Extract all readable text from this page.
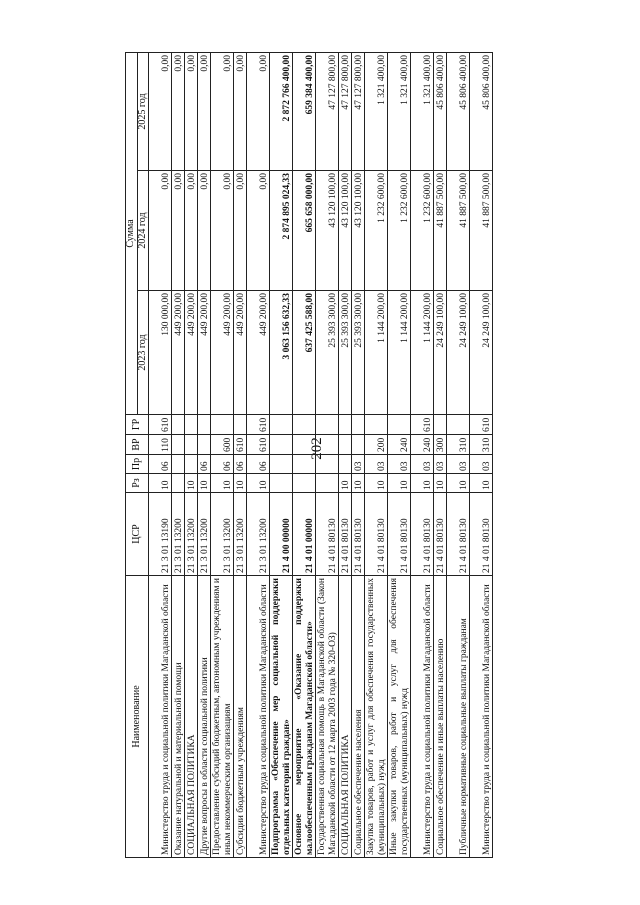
202
Наименование	ЦСР	Рз	Пр	ВР	ГР	Сумма		
						2023 год	2024 год	2025 год
Министерство труда и социальной политики Магаданской области	21 3 01 13190	10	06	110	610	130 000,00	0,00	0,00
Оказание натуральной и материальной помощи	21 3 01 13200					449 200,00	0,00	0,00
СОЦИАЛЬНАЯ ПОЛИТИКА	21 3 01 13200	10				449 200,00	0,00	0,00
Другие вопросы в области социальной политики	21 3 01 13200	10	06			449 200,00	0,00	0,00
Предоставление субсидий бюджетным, автономным учреждениям и иным некоммерческим организациям	21 3 01 13200	10	06	600		449 200,00	0,00	0,00
Субсидии бюджетным учреждениям	21 3 01 13200	10	06	610		449 200,00	0,00	0,00
Министерство труда и социальной политики Магаданской области	21 3 01 13200	10	06	610	610	449 200,00	0,00	0,00
Подпрограмма «Обеспечение мер социальной поддержки отдельных категорий граждан»	21 4 00 00000					3 063 156 632,33	2 874 895 024,33	2 872 766 400,00
Основное мероприятие «Оказание поддержки малообеспеченным гражданам Магаданской области»	21 4 01 00000					637 425 588,00	665 658 000,00	659 384 400,00
Государственная социальная помощь в Магаданской области (Закон Магаданской области от 12 марта 2003 года № 320-ОЗ)	21 4 01 80130					25 393 300,00	43 120 100,00	47 127 800,00
СОЦИАЛЬНАЯ ПОЛИТИКА	21 4 01 80130	10				25 393 300,00	43 120 100,00	47 127 800,00
Социальное обеспечение населения	21 4 01 80130	10	03			25 393 300,00	43 120 100,00	47 127 800,00
Закупка товаров, работ и услуг для обеспечения государственных (муниципальных) нужд	21 4 01 80130	10	03	200		1 144 200,00	1 232 600,00	1 321 400,00
Иные закупки товаров, работ и услуг для обеспечения государственных (муниципальных) нужд	21 4 01 80130	10	03	240		1 144 200,00	1 232 600,00	1 321 400,00
Министерство труда и социальной политики Магаданской области	21 4 01 80130	10	03	240	610	1 144 200,00	1 232 600,00	1 321 400,00
Социальное обеспечение и иные выплаты населению	21 4 01 80130	10	03	300		24 249 100,00	41 887 500,00	45 806 400,00
Публичные нормативные социальные выплаты гражданам	21 4 01 80130	10	03	310		24 249 100,00	41 887 500,00	45 806 400,00
Министерство труда и социальной политики Магаданской области	21 4 01 80130	10	03	310	610	24 249 100,00	41 887 500,00	45 806 400,00
